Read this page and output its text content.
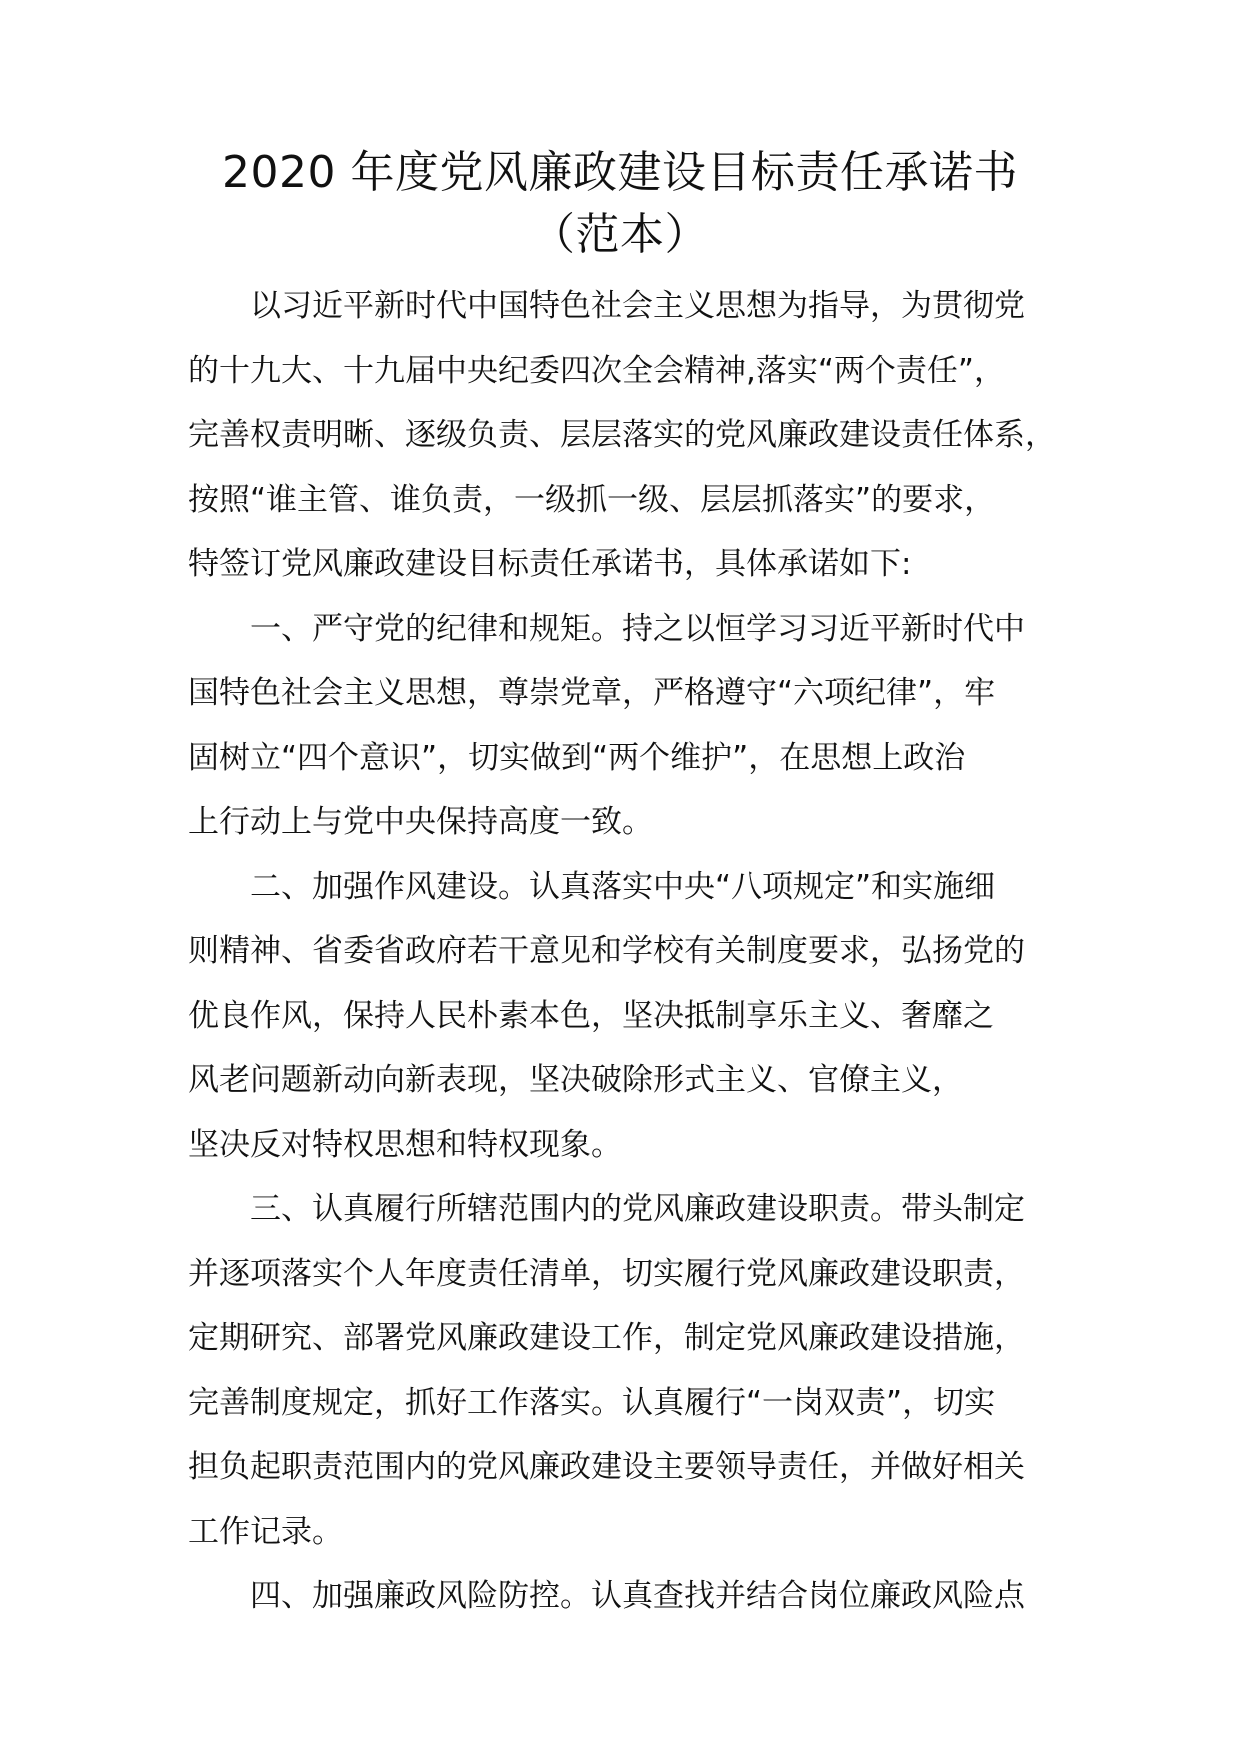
2020 年度党风廉政建设目标责任承诺书
（范本）
以习近平新时代中国特色社会主义思想为指导，为贯彻党
的十九大、十九届中央纪委四次全会精神,落实“两个责任”，
完善权责明晰、逐级负责、层层落实的党风廉政建设责任体系，
按照“谁主管、谁负责，一级抓一级、层层抓落实”的要求，
特签订党风廉政建设目标责任承诺书，具体承诺如下:
一、严守党的纪律和规矩。持之以恒学习习近平新时代中
国特色社会主义思想，尊崇党章，严格遵守“六项纪律”，牢
固树立“四个意识”，切实做到“两个维护”，在思想上政治
上行动上与党中央保持高度一致。
二、加强作风建设。认真落实中央“八项规定”和实施细
则精神、省委省政府若干意见和学校有关制度要求，弘扬党的
优良作风，保持人民朴素本色，坚决抵制享乐主义、奢靡之
风老问题新动向新表现，坚决破除形式主义、官僚主义，
坚决反对特权思想和特权现象。
三、认真履行所辖范围内的党风廉政建设职责。带头制定
并逐项落实个人年度责任清单，切实履行党风廉政建设职责，
定期研究、部署党风廉政建设工作，制定党风廉政建设措施，
完善制度规定，抓好工作落实。认真履行“一岗双责”，切实
担负起职责范围内的党风廉政建设主要领导责任，并做好相关
工作记录。
四、加强廉政风险防控。认真查找并结合岗位廉政风险点
